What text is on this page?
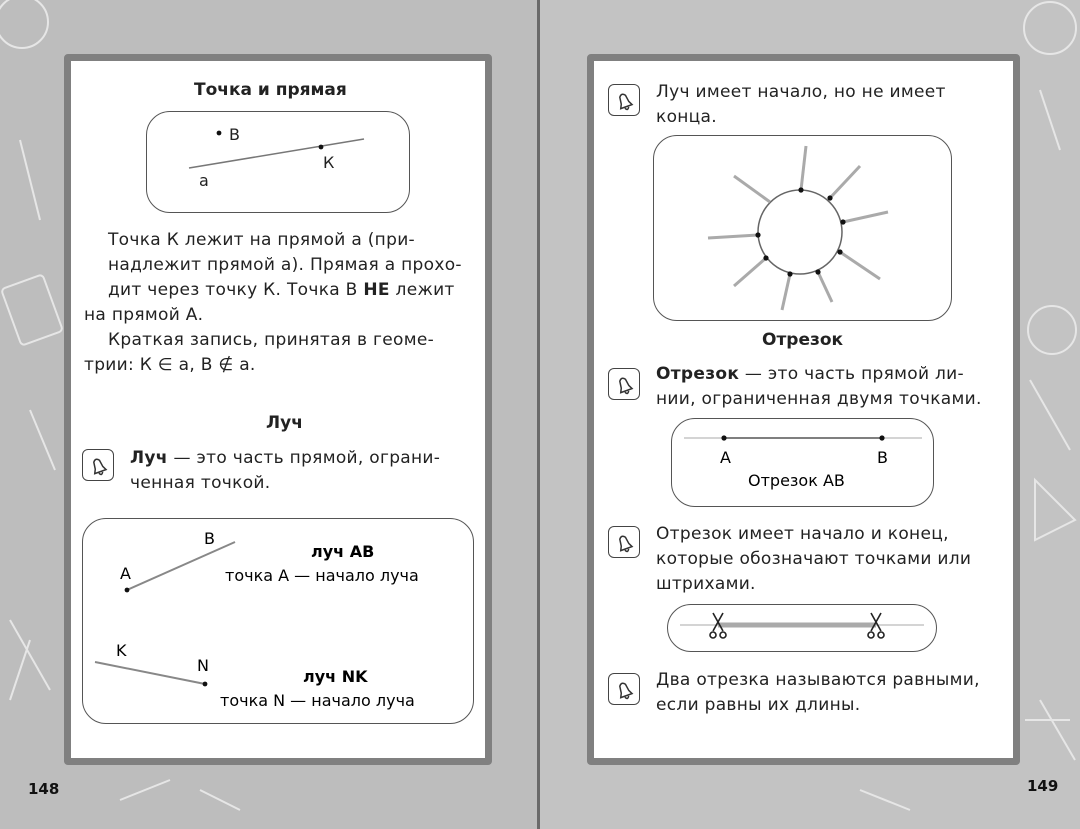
Точка и прямая
В
К
а
Точка К лежит на прямой а (при-
надлежит прямой а). Прямая а прохо-
дит через точку К. Точка В НЕ лежит
на прямой А.
Краткая запись, принятая в геоме-
трии: К ∈ а, В ∉ а.
Луч
Луч — это часть прямой, ограни-
ченная точкой.
B
A
луч AB
точка А — начало луча
K
N
луч NK
точка N — начало луча
148
Луч имеет начало, но не имеет
конца.
Отрезок
Отрезок — это часть прямой ли-
нии, ограниченная двумя точками.
A	B
Отрезок AB
Отрезок имеет начало и конец,
которые обозначают точками или
штрихами.
Два отрезка называются равными,
если равны их длины.
149
